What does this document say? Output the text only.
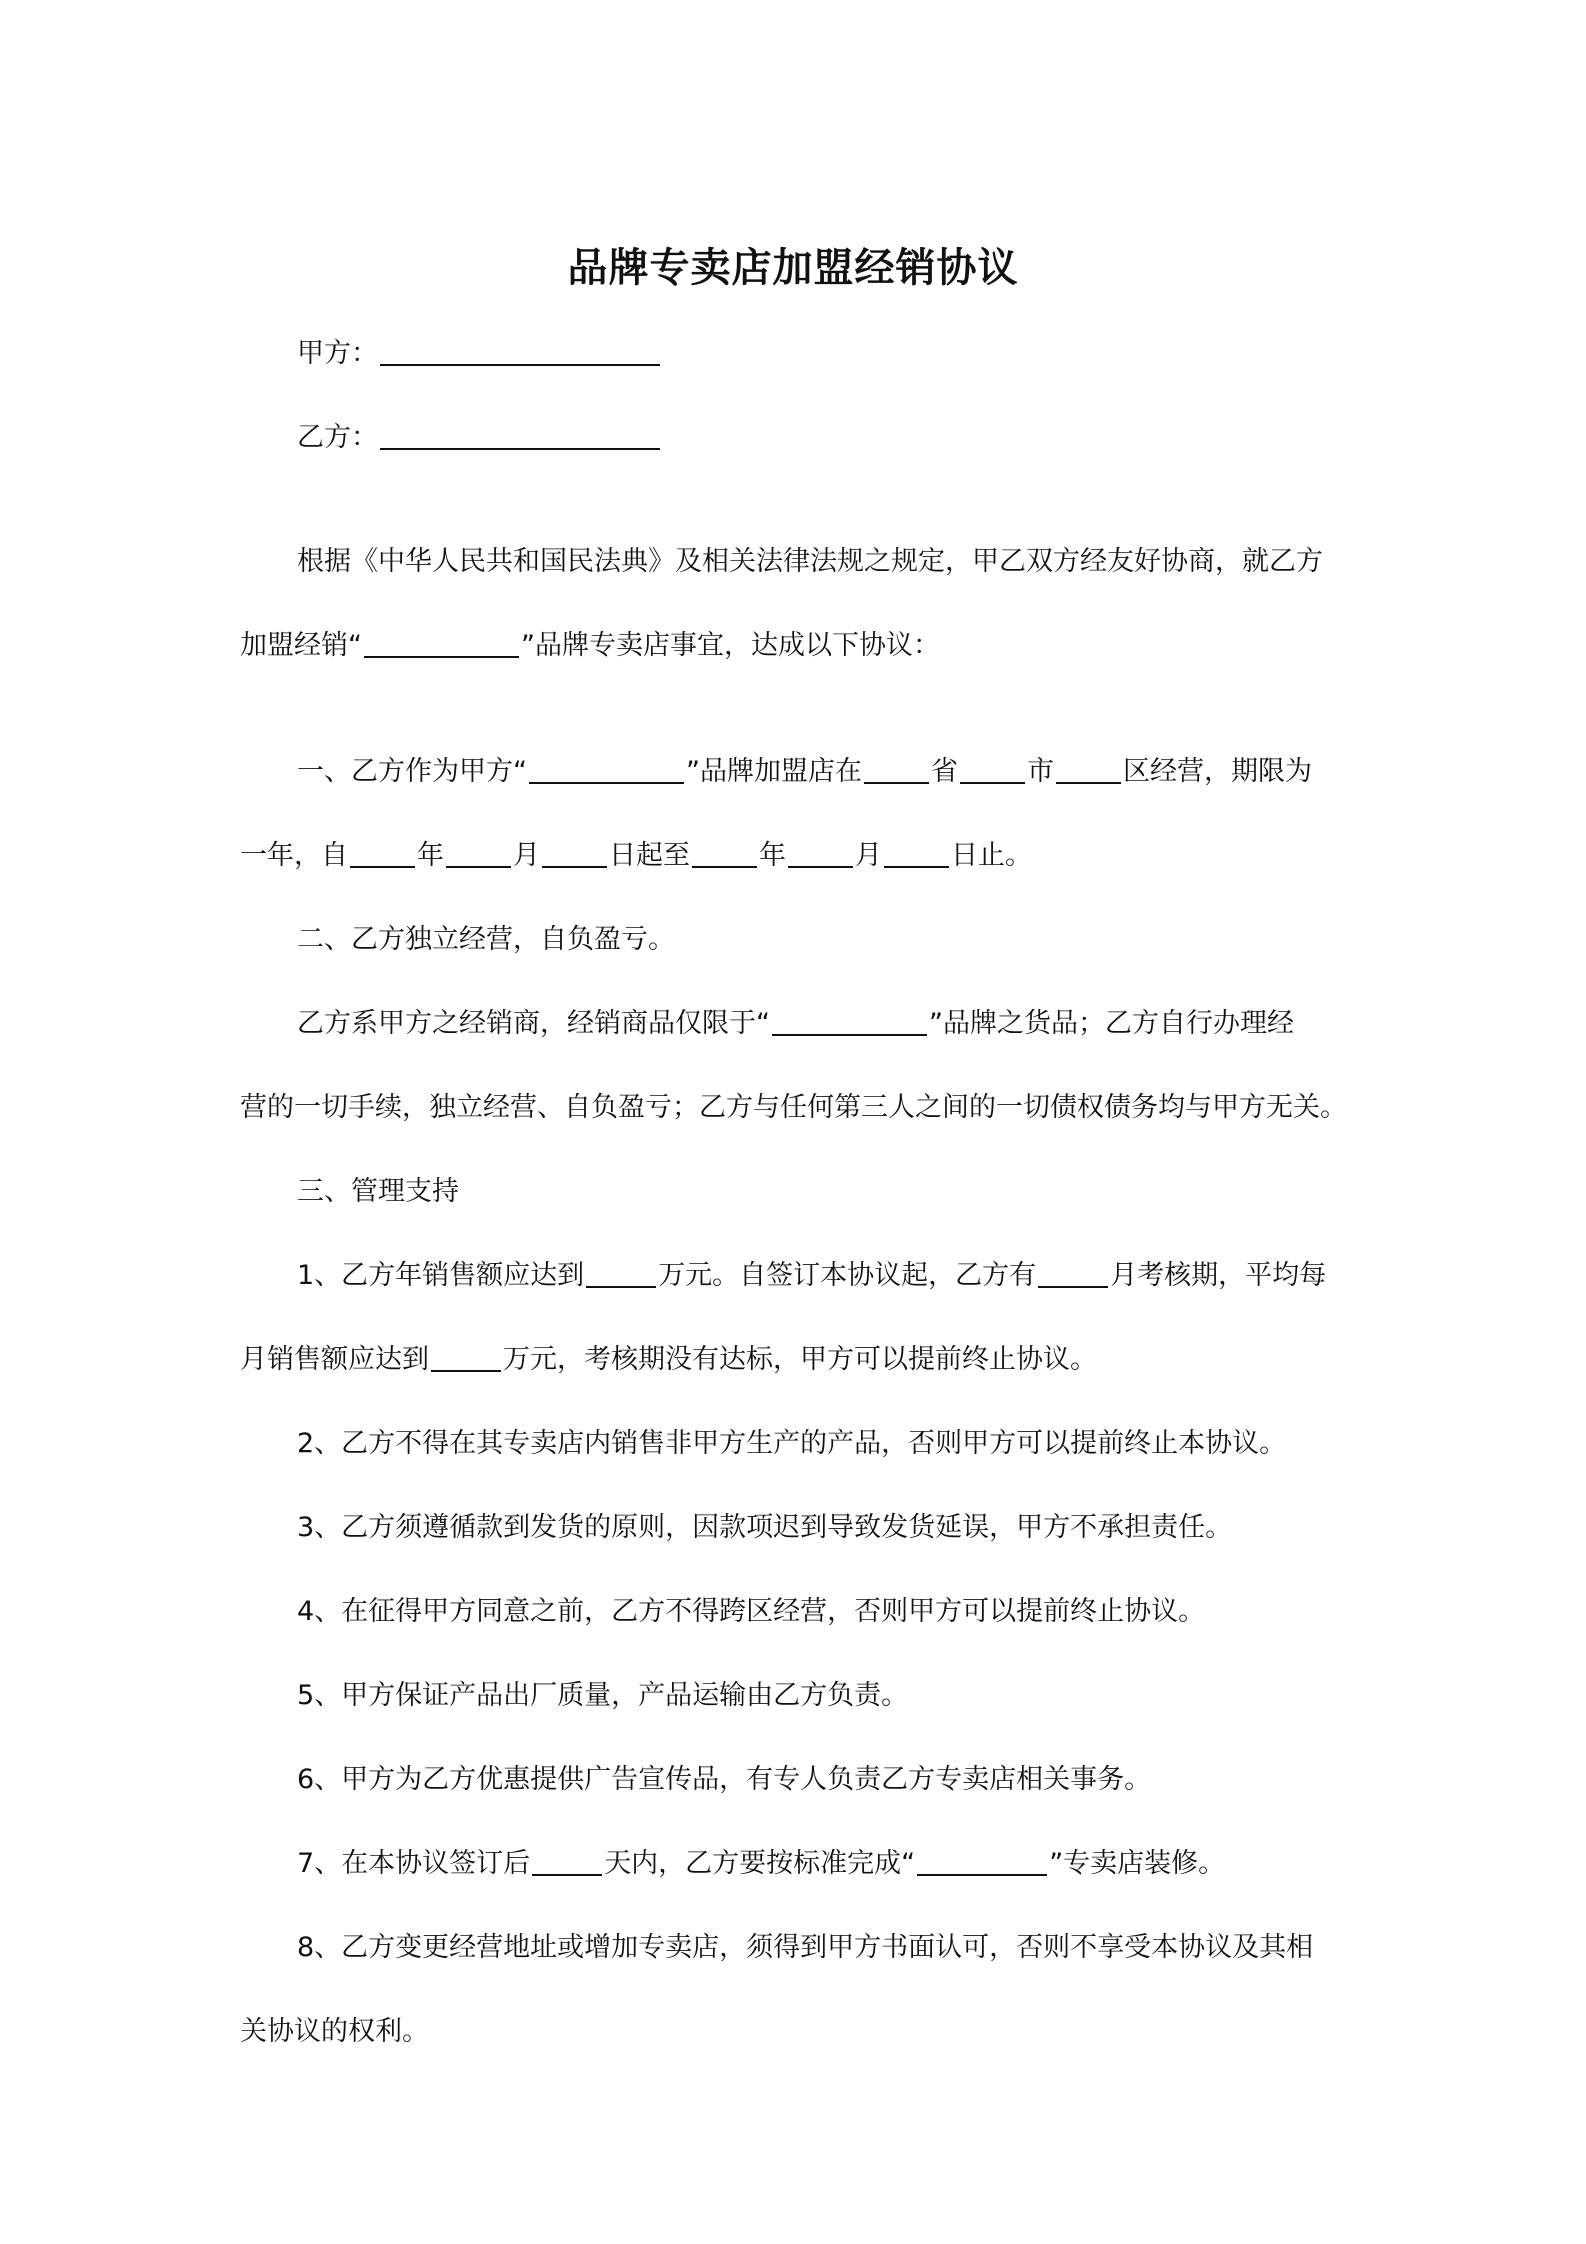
品牌专卖店加盟经销协议
甲方：
乙方：
根据《中华人民共和国民法典》及相关法律法规之规定，甲乙双方经友好协商，就乙方
加盟经销“	”品牌专卖店事宜，达成以下协议：
一、乙方作为甲方“	”品牌加盟店在	省	市	区经营，期限为
一年，自	年	月	日起至	年	月	日止。
二、乙方独立经营，自负盈亏。
乙方系甲方之经销商，经销商品仅限于“	”品牌之货品；乙方自行办理经
营的一切手续，独立经营、自负盈亏；乙方与任何第三人之间的一切债权债务均与甲方无关。
三、管理支持
1、乙方年销售额应达到	万元。自签订本协议起，乙方有	月考核期，平均每
月销售额应达到	万元，考核期没有达标，甲方可以提前终止协议。
2、乙方不得在其专卖店内销售非甲方生产的产品，否则甲方可以提前终止本协议。
3、乙方须遵循款到发货的原则，因款项迟到导致发货延误，甲方不承担责任。
4、在征得甲方同意之前，乙方不得跨区经营，否则甲方可以提前终止协议。
5、甲方保证产品出厂质量，产品运输由乙方负责。
6、甲方为乙方优惠提供广告宣传品，有专人负责乙方专卖店相关事务。
7、在本协议签订后	天内，乙方要按标准完成“	”专卖店装修。
8、乙方变更经营地址或增加专卖店，须得到甲方书面认可，否则不享受本协议及其相
关协议的权利。
